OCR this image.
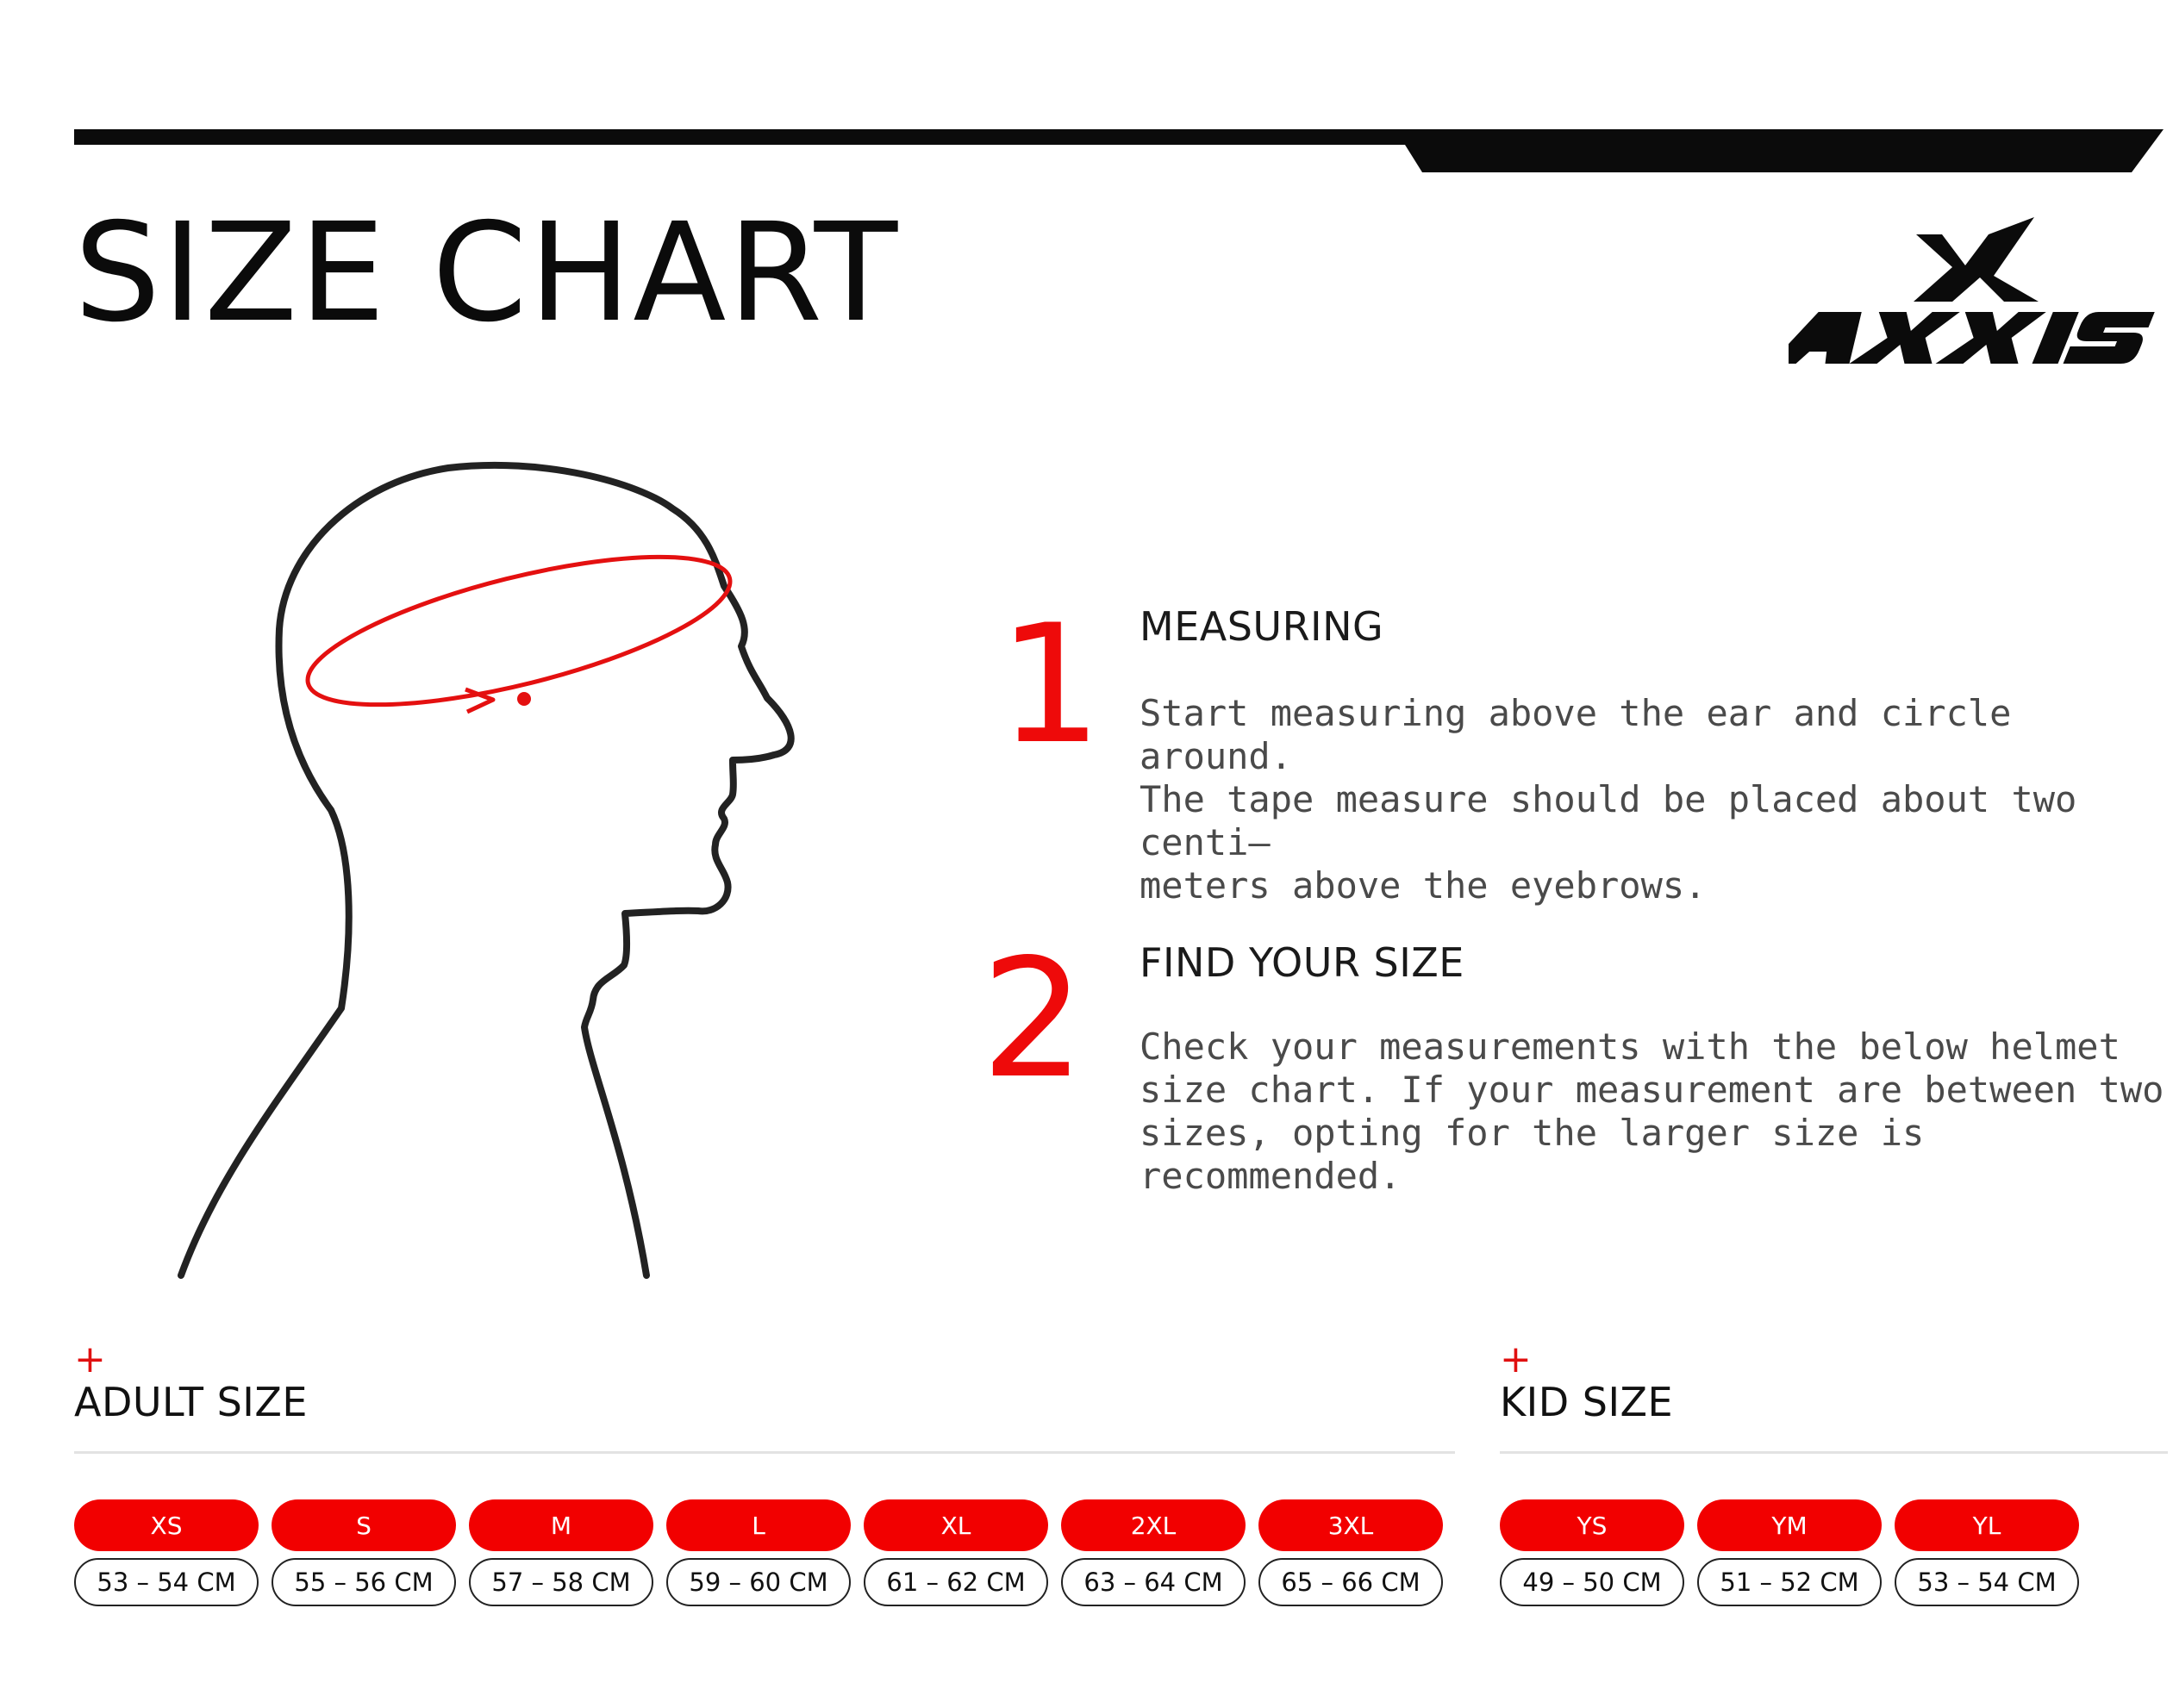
SIZE CHART
1 MEASURING
Start measuring above the ear and circle around.
The tape measure should be placed about two centi–
meters above the eyebrows.
2 FIND YOUR SIZE
Check your measurements with the below helmet
size chart. If your measurement are between two
sizes, opting for the larger size is recommended.
+
ADULT SIZE
XS
53 – 54 CM
S
55 – 56 CM
M
57 – 58 CM
L
59 – 60 CM
XL
61 – 62 CM
2XL
63 – 64 CM
3XL
65 – 66 CM
+
KID SIZE
YS
49 – 50 CM
YM
51 – 52 CM
YL
53 – 54 CM
